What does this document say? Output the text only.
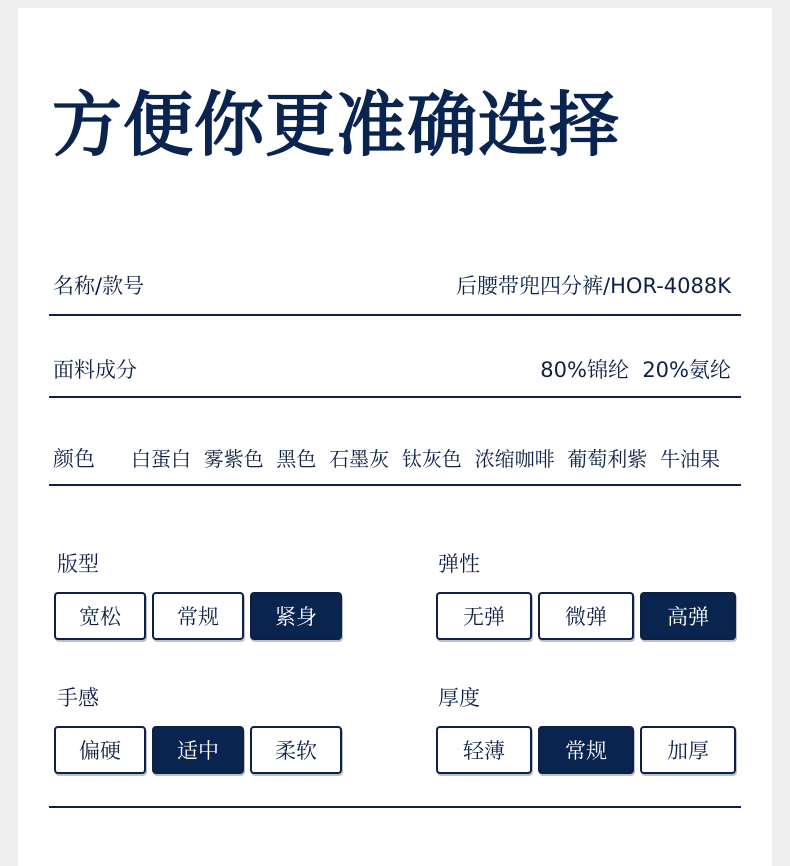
方便你更准确选择
名称/款号	后腰带兜四分裤/HOR-4088K
面料成分	80%锦纶  20%氨纶
颜色 白蛋白  雾紫色  黑色  石墨灰  钛灰色  浓缩咖啡  葡萄利紫  牛油果
版型
宽松	常规	紧身
弹性
无弹	微弹	高弹
手感
偏硬	适中	柔软
厚度
轻薄	常规	加厚
